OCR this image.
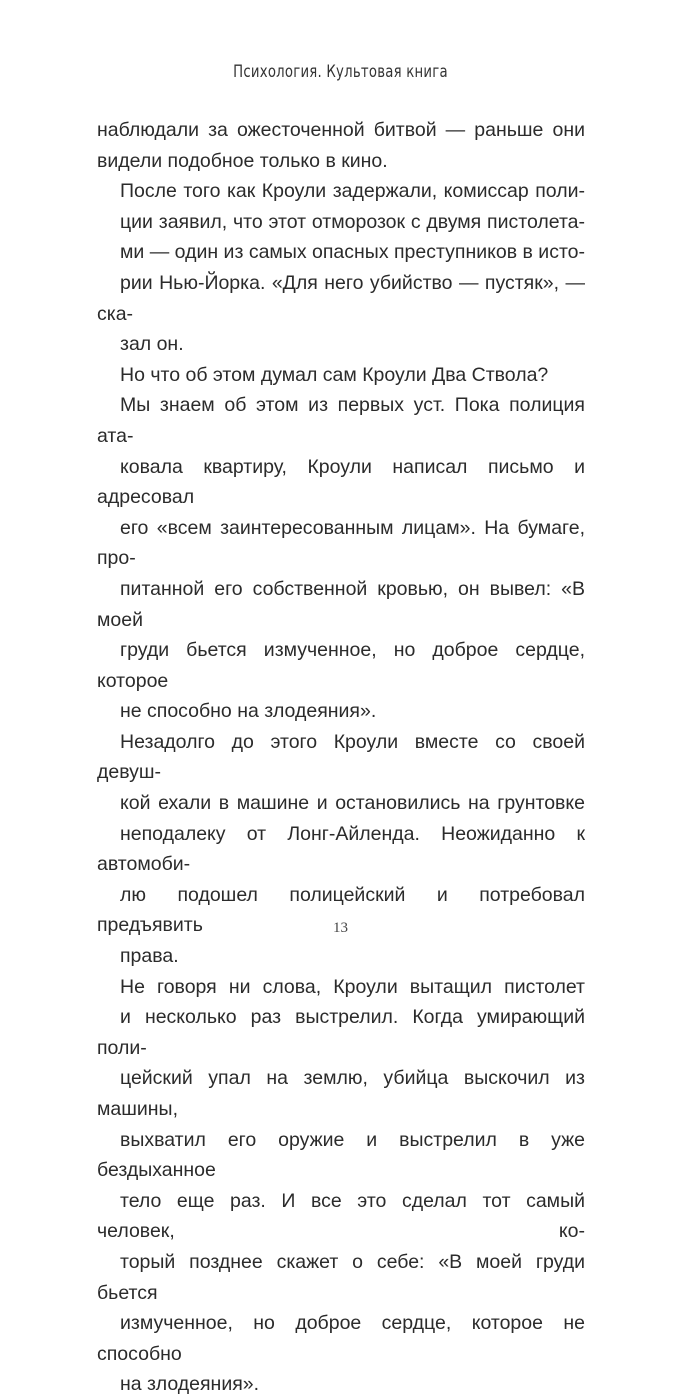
Психология. Культовая книга

наблюдали за ожесточенной битвой — раньше они
видели подобное только в кино.

После того как Кроули задержали, комиссар поли-
ции заявил, что этот отморозок с двумя пистолета-
ми — один из самых опасных преступников в исто-
рии Нью-Йорка. «Для него убийство — пустяк», — ска-
зал он.

Но что об этом думал сам Кроули Два Ствола?

Мы знаем об этом из первых уст. Пока полиция ата-
ковала квартиру, Кроули написал письмо и адресовал
его «всем заинтересованным лицам». На бумаге, про-
питанной его собственной кровью, он вывел: «В моей
груди бьется измученное, но доброе сердце, которое
не способно на злодеяния».

Незадолго до этого Кроули вместе со своей девуш-
кой ехали в машине и остановились на грунтовке
неподалеку от Лонг-Айленда. Неожиданно к автомоби-
лю подошел полицейский и потребовал предъявить
права.

Не говоря ни слова, Кроули вытащил пистолет
и несколько раз выстрелил. Когда умирающий поли-
цейский упал на землю, убийца выскочил из машины,
выхватил его оружие и выстрелил в уже бездыханное
тело еще раз. И все это сделал тот самый человек, ко-
торый позднее скажет о себе: «В моей груди бьется
измученное, но доброе сердце, которое не способно
на злодеяния».

13
